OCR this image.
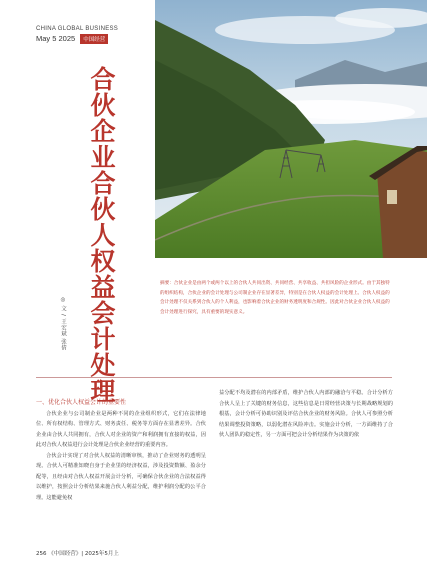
CHINA GLOBAL BUSINESS
May 5 2025 中国经营
合伙企业合伙人权益会计处理
◎ 文 / 王宏斌 张倩
摘要：合伙企业是由两个或两个以上的合伙人共同出资、共同经营、共享收益、共担风险的企业形式。由于其独特的组织结构，合伙企业的会计处理与公司制企业存在显著差异，特别是在合伙人权益的会计处理上。合伙人权益的会计处理不仅关系到合伙人的个人利益，也影响着合伙企业的财务透明度和合规性。因此对合伙企业合伙人权益的会计处理进行探究，具有重要的现实意义。

一、优化合伙人权益会计的重要性

合伙企业与公司制企业是两种不同的企业组织形式，它们在法律地位、所有权结构、管理方式、财务责任、税务等方面存在显著差异。合伙企业由合伙人共同拥有，合伙人对企业的资产和利润拥有直接的权益，因此对合伙人权益进行会计处理是合伙企业经营的重要内容。

合伙会计实现了对合伙人权益的清晰审核，推动了企业财务的透明呈现。合伙人可精准知晓自身于企业里的经济权益，涉及投资数额、盈余分配等，且经由对合伙人权益开展会计分析，可确保合伙企业的合法权益得以维护，按照会计分析结果来施合伙人利益分配，维护利润分配的公平合理。这能避免权

益分配不均及潜在的内部矛盾，维护合伙人内部的融洽与平稳。合计分析方合伙人呈上了关键的财务信息，这些信息是日常经营决策与长期战略规划的根基，会计分析可协助识别及评估合伙企业的财务风险。合伙人可参照分析结果调整投资策略，以弱化潜在风险冲击。实施会计分析，一方面维持了合伙人团队的稳定性，另一方面可把会计分析结果作为决策的依

256 《中国经营》| 2025年5月上
